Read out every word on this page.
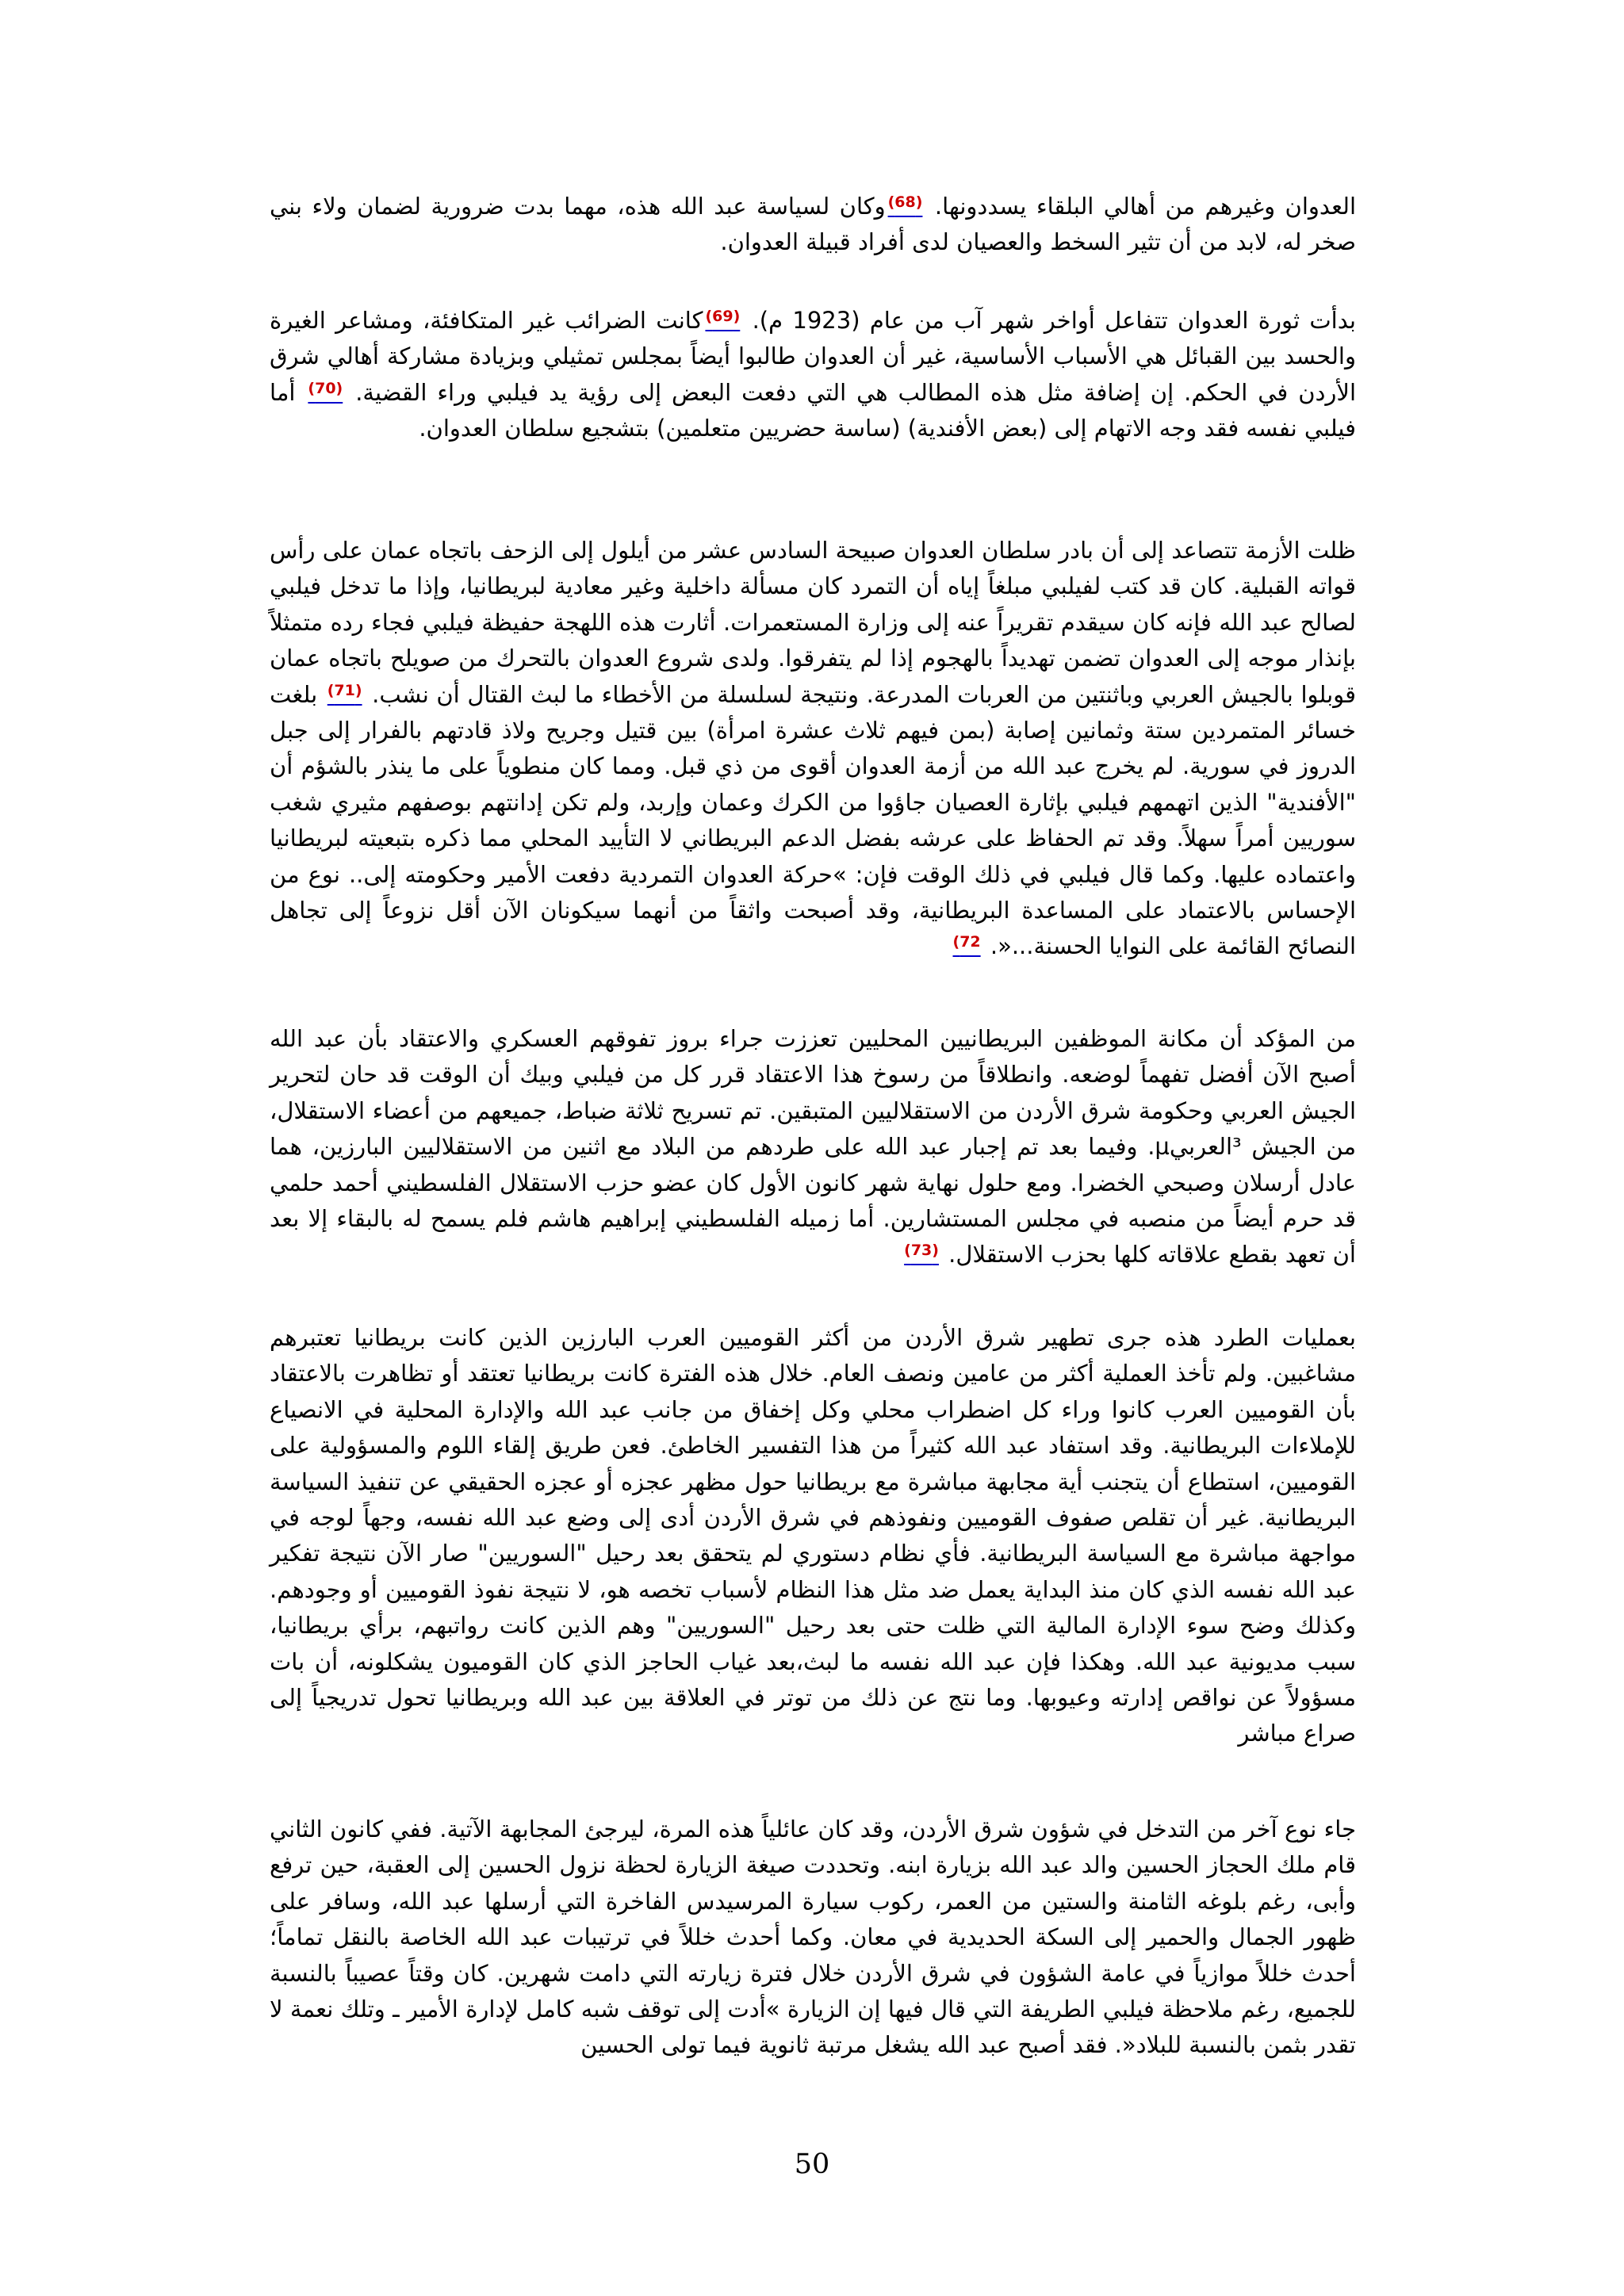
العدوان وغيرهم من أهالي البلقاء يسددونها. $^{(68)}$وكان لسياسة عبد الله هذه، مهما بدت ضرورية لضمان ولاء بني صخر له، لابد من أن تثير السخط والعصيان لدى أفراد قبيلة العدوان.

بدأت ثورة العدوان تتفاعل أواخر شهر آب من عام (1923 م). $^{(69)}$كانت الضرائب غير المتكافئة، ومشاعر الغيرة والحسد بين القبائل هي الأسباب الأساسية، غير أن العدوان طالبوا أيضاً بمجلس تمثيلي وبزيادة مشاركة أهالي شرق الأردن في الحكم. إن إضافة مثل هذه المطالب هي التي دفعت البعض إلى رؤية يد فيلبي وراء القضية. $^{(70)}$ أما فيلبي نفسه فقد وجه الاتهام إلى (بعض الأفندية) (ساسة حضريين متعلمين) بتشجيع سلطان العدوان.

ظلت الأزمة تتصاعد إلى أن بادر سلطان العدوان صبيحة السادس عشر من أيلول إلى الزحف باتجاه عمان على رأس قواته القبلية. كان قد كتب لفيلبي مبلغاً إياه أن التمرد كان مسألة داخلية وغير معادية لبريطانيا، وإذا ما تدخل فيلبي لصالح عبد الله فإنه كان سيقدم تقريراً عنه إلى وزارة المستعمرات. أثارت هذه اللهجة حفيظة فيلبي فجاء رده متمثلاً بإنذار موجه إلى العدوان تضمن تهديداً بالهجوم إذا لم يتفرقوا. ولدى شروع العدوان بالتحرك من صويلح باتجاه عمان قوبلوا بالجيش العربي وباثنتين من العربات المدرعة. ونتيجة لسلسلة من الأخطاء ما لبث القتال أن نشب. $^{(71)}$ بلغت خسائر المتمردين ستة وثمانين إصابة (بمن فيهم ثلاث عشرة امرأة) بين قتيل وجريح ولاذ قادتهم بالفرار إلى جبل الدروز في سورية. لم يخرج عبد الله من أزمة العدوان أقوى من ذي قبل. ومما كان منطوياً على ما ينذر بالشؤم أن "الأفندية" الذين اتهمهم فيلبي بإثارة العصيان جاؤوا من الكرك وعمان وإربد، ولم تكن إدانتهم بوصفهم مثيري شغب سوريين أمراً سهلاً. وقد تم الحفاظ على عرشه بفضل الدعم البريطاني لا التأييد المحلي مما ذكره بتبعيته لبريطانيا واعتماده عليها. وكما قال فيلبي في ذلك الوقت فإن: »حركة العدوان التمردية دفعت الأمير وحكومته إلى.. نوع من الإحساس بالاعتماد على المساعدة البريطانية، وقد أصبحت واثقاً من أنهما سيكونان الآن أقل نزوعاً إلى تجاهل النصائح القائمة على النوايا الحسنة...«. $^{72)}$

من المؤكد أن مكانة الموظفين البريطانيين المحليين تعززت جراء بروز تفوقهم العسكري والاعتقاد بأن عبد الله أصبح الآن أفضل تفهماً لوضعه. وانطلاقاً من رسوخ هذا الاعتقاد قرر كل من فيلبي وبيك أن الوقت قد حان لتحرير الجيش العربي وحكومة شرق الأردن من الاستقلاليين المتبقين. تم تسريح ثلاثة ضباط، جميعهم من أعضاء الاستقلال، من الجيش ³العربيµ. وفيما بعد تم إجبار عبد الله على طردهم من البلاد مع اثنين من الاستقلاليين البارزين، هما عادل أرسلان وصبحي الخضرا. ومع حلول نهاية شهر كانون الأول كان عضو حزب الاستقلال الفلسطيني أحمد حلمي قد حرم أيضاً من منصبه في مجلس المستشارين. أما زميله الفلسطيني إبراهيم هاشم فلم يسمح له بالبقاء إلا بعد أن تعهد بقطع علاقاته كلها بحزب الاستقلال. $^{(73)}$

بعمليات الطرد هذه جرى تطهير شرق الأردن من أكثر القوميين العرب البارزين الذين كانت بريطانيا تعتبرهم مشاغبين. ولم تأخذ العملية أكثر من عامين ونصف العام. خلال هذه الفترة كانت بريطانيا تعتقد أو تظاهرت بالاعتقاد بأن القوميين العرب كانوا وراء كل اضطراب محلي وكل إخفاق من جانب عبد الله والإدارة المحلية في الانصياع للإملاءات البريطانية. وقد استفاد عبد الله كثيراً من هذا التفسير الخاطئ. فعن طريق إلقاء اللوم والمسؤولية على القوميين، استطاع أن يتجنب أية مجابهة مباشرة مع بريطانيا حول مظهر عجزه أو عجزه الحقيقي عن تنفيذ السياسة البريطانية. غير أن تقلص صفوف القوميين ونفوذهم في شرق الأردن أدى إلى وضع عبد الله نفسه، وجهاً لوجه في مواجهة مباشرة مع السياسة البريطانية. فأي نظام دستوري لم يتحقق بعد رحيل "السوريين" صار الآن نتيجة تفكير عبد الله نفسه الذي كان منذ البداية يعمل ضد مثل هذا النظام لأسباب تخصه هو، لا نتيجة نفوذ القوميين أو وجودهم. وكذلك وضح سوء الإدارة المالية التي ظلت حتى بعد رحيل "السوريين" وهم الذين كانت رواتبهم، برأي بريطانيا، سبب مديونية عبد الله. وهكذا فإن عبد الله نفسه ما لبث،بعد غياب الحاجز الذي كان القوميون يشكلونه، أن بات مسؤولاً عن نواقص إدارته وعيوبها. وما نتج عن ذلك من توتر في العلاقة بين عبد الله وبريطانيا تحول تدريجياً إلى صراع مباشر

جاء نوع آخر من التدخل في شؤون شرق الأردن، وقد كان عائلياً هذه المرة، ليرجئ المجابهة الآتية. ففي كانون الثاني قام ملك الحجاز الحسين والد عبد الله بزيارة ابنه. وتحددت صيغة الزيارة لحظة نزول الحسين إلى العقبة، حين ترفع وأبى، رغم بلوغه الثامنة والستين من العمر، ركوب سيارة المرسيدس الفاخرة التي أرسلها عبد الله، وسافر على ظهور الجمال والحمير إلى السكة الحديدية في معان. وكما أحدث خللاً في ترتيبات عبد الله الخاصة بالنقل تماماً؛ أحدث خللاً موازياً في عامة الشؤون في شرق الأردن خلال فترة زيارته التي دامت شهرين. كان وقتاً عصيباً بالنسبة للجميع، رغم ملاحظة فيلبي الطريفة التي قال فيها إن الزيارة »أدت إلى توقف شبه كامل لإدارة الأمير ـ وتلك نعمة لا تقدر بثمن بالنسبة للبلاد«. فقد أصبح عبد الله يشغل مرتبة ثانوية فيما تولى الحسين

50
